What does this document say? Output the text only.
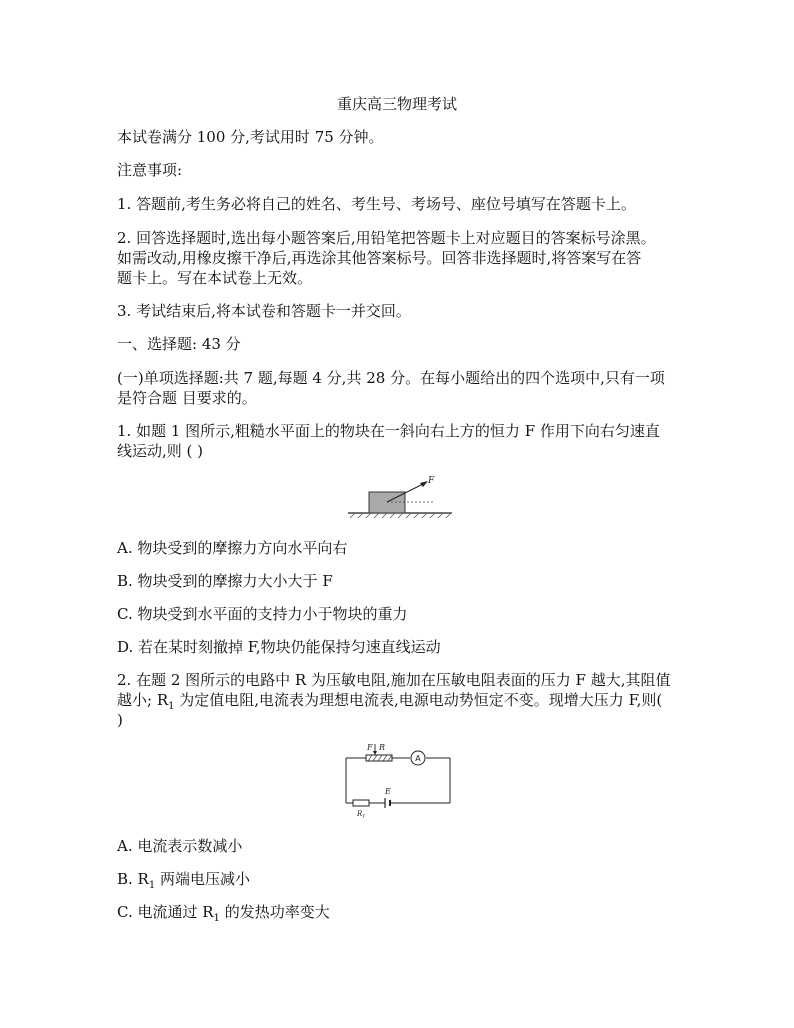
重庆高三物理考试
本试卷满分 100 分,考试用时 75 分钟。
注意事项:
1. 答题前,考生务必将自己的姓名、考生号、考场号、座位号填写在答题卡上。
2. 回答选择题时,选出每小题答案后,用铅笔把答题卡上对应题目的答案标号涂黑。
如需改动,用橡皮擦干净后,再选涂其他答案标号。回答非选择题时,将答案写在答
题卡上。写在本试卷上无效。
3. 考试结束后,将本试卷和答题卡一并交回。
一、选择题: 43 分
(一)单项选择题:共 7 题,每题 4 分,共 28 分。在每小题给出的四个选项中,只有一项
是符合题 目要求的。
1. 如题 1 图所示,粗糙水平面上的物块在一斜向右上方的恒力 F 作用下向右匀速直
线运动,则 ( )
F
A. 物块受到的摩擦力方向水平向右
B. 物块受到的摩擦力大小大于 F
C. 物块受到水平面的支持力小于物块的重力
D. 若在某时刻撤掉 F,物块仍能保持匀速直线运动
2. 在题 2 图所示的电路中 R 为压敏电阻,施加在压敏电阻表面的压力 F 越大,其阻值
越小; $R_1$ 为定值电阻,电流表为理想电流表,电源电动势恒定不变。现增大压力 F,则(
)
F R
A
E
$R_1$
A. 电流表示数减小
B. $R_1$ 两端电压减小
C. 电流通过 $R_1$ 的发热功率变大
